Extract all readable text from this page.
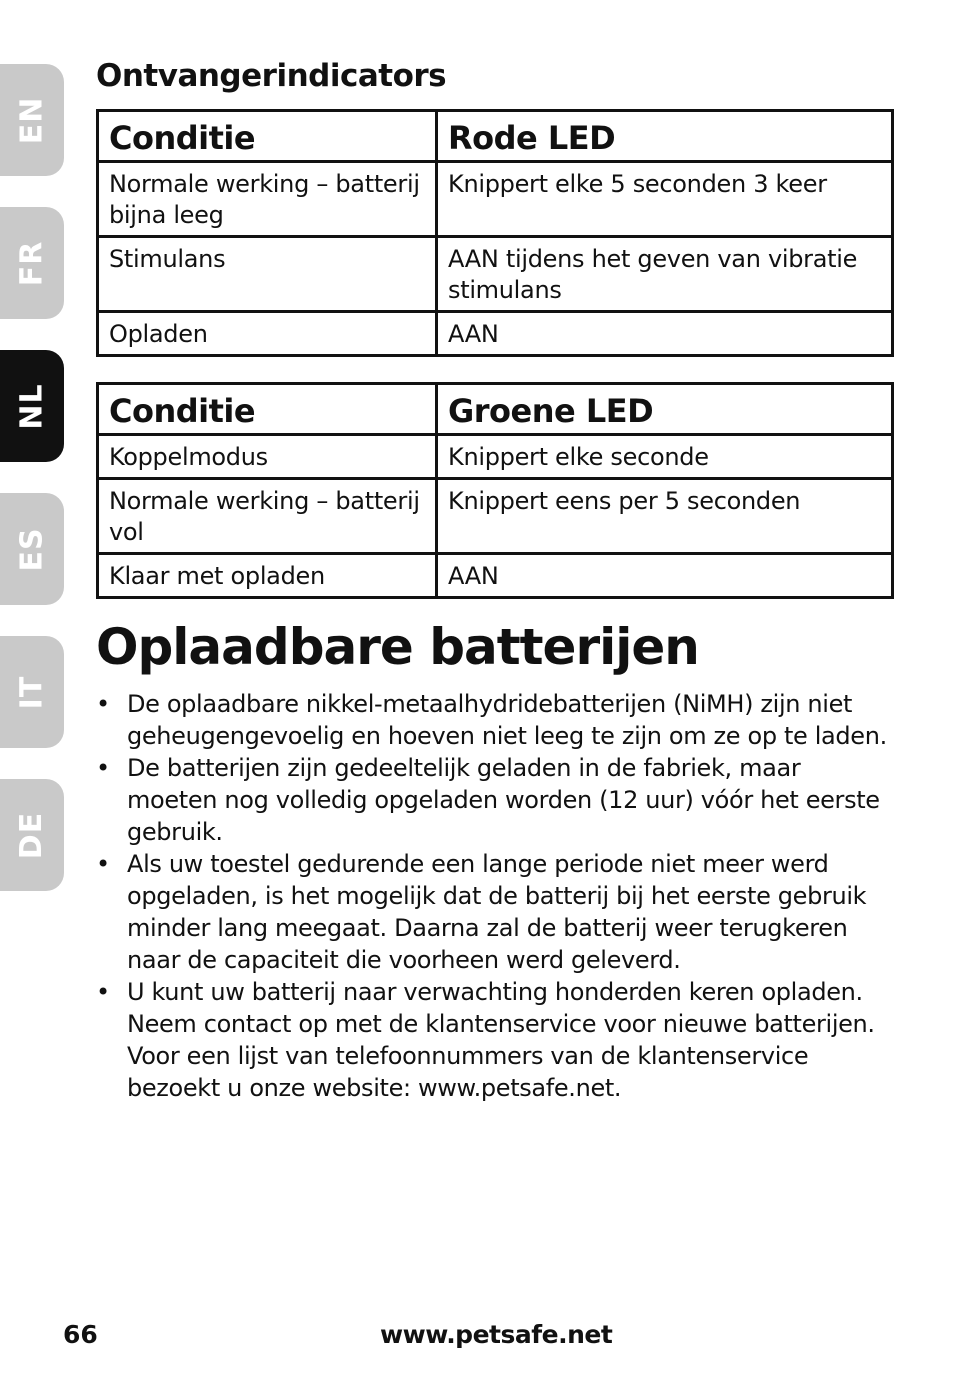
EN
FR
NL
ES
IT
DE
Ontvangerindicators
Conditie	Rode LED
Normale werking – batterij bijna leeg	Knippert elke 5 seconden 3 keer
Stimulans	AAN tijdens het geven van vibratie stimulans
Opladen	AAN
Conditie	Groene LED
Koppelmodus	Knippert elke seconde
Normale werking – batterij vol	Knippert eens per 5 seconden
Klaar met opladen	AAN
Oplaadbare batterijen
• De oplaadbare nikkel-metaalhydridebatterijen (NiMH) zijn niet geheugengevoelig en hoeven niet leeg te zijn om ze op te laden.
• De batterijen zijn gedeeltelijk geladen in de fabriek, maar moeten nog volledig opgeladen worden (12 uur) vóór het eerste gebruik.
• Als uw toestel gedurende een lange periode niet meer werd opgeladen, is het mogelijk dat de batterij bij het eerste gebruik minder lang meegaat. Daarna zal de batterij weer terugkeren naar de capaciteit die voorheen werd geleverd.
• U kunt uw batterij naar verwachting honderden keren opladen. Neem contact op met de klantenservice voor nieuwe batterijen. Voor een lijst van telefoonnummers van de klantenservice bezoekt u onze website: www.petsafe.net.
66	www.petsafe.net
